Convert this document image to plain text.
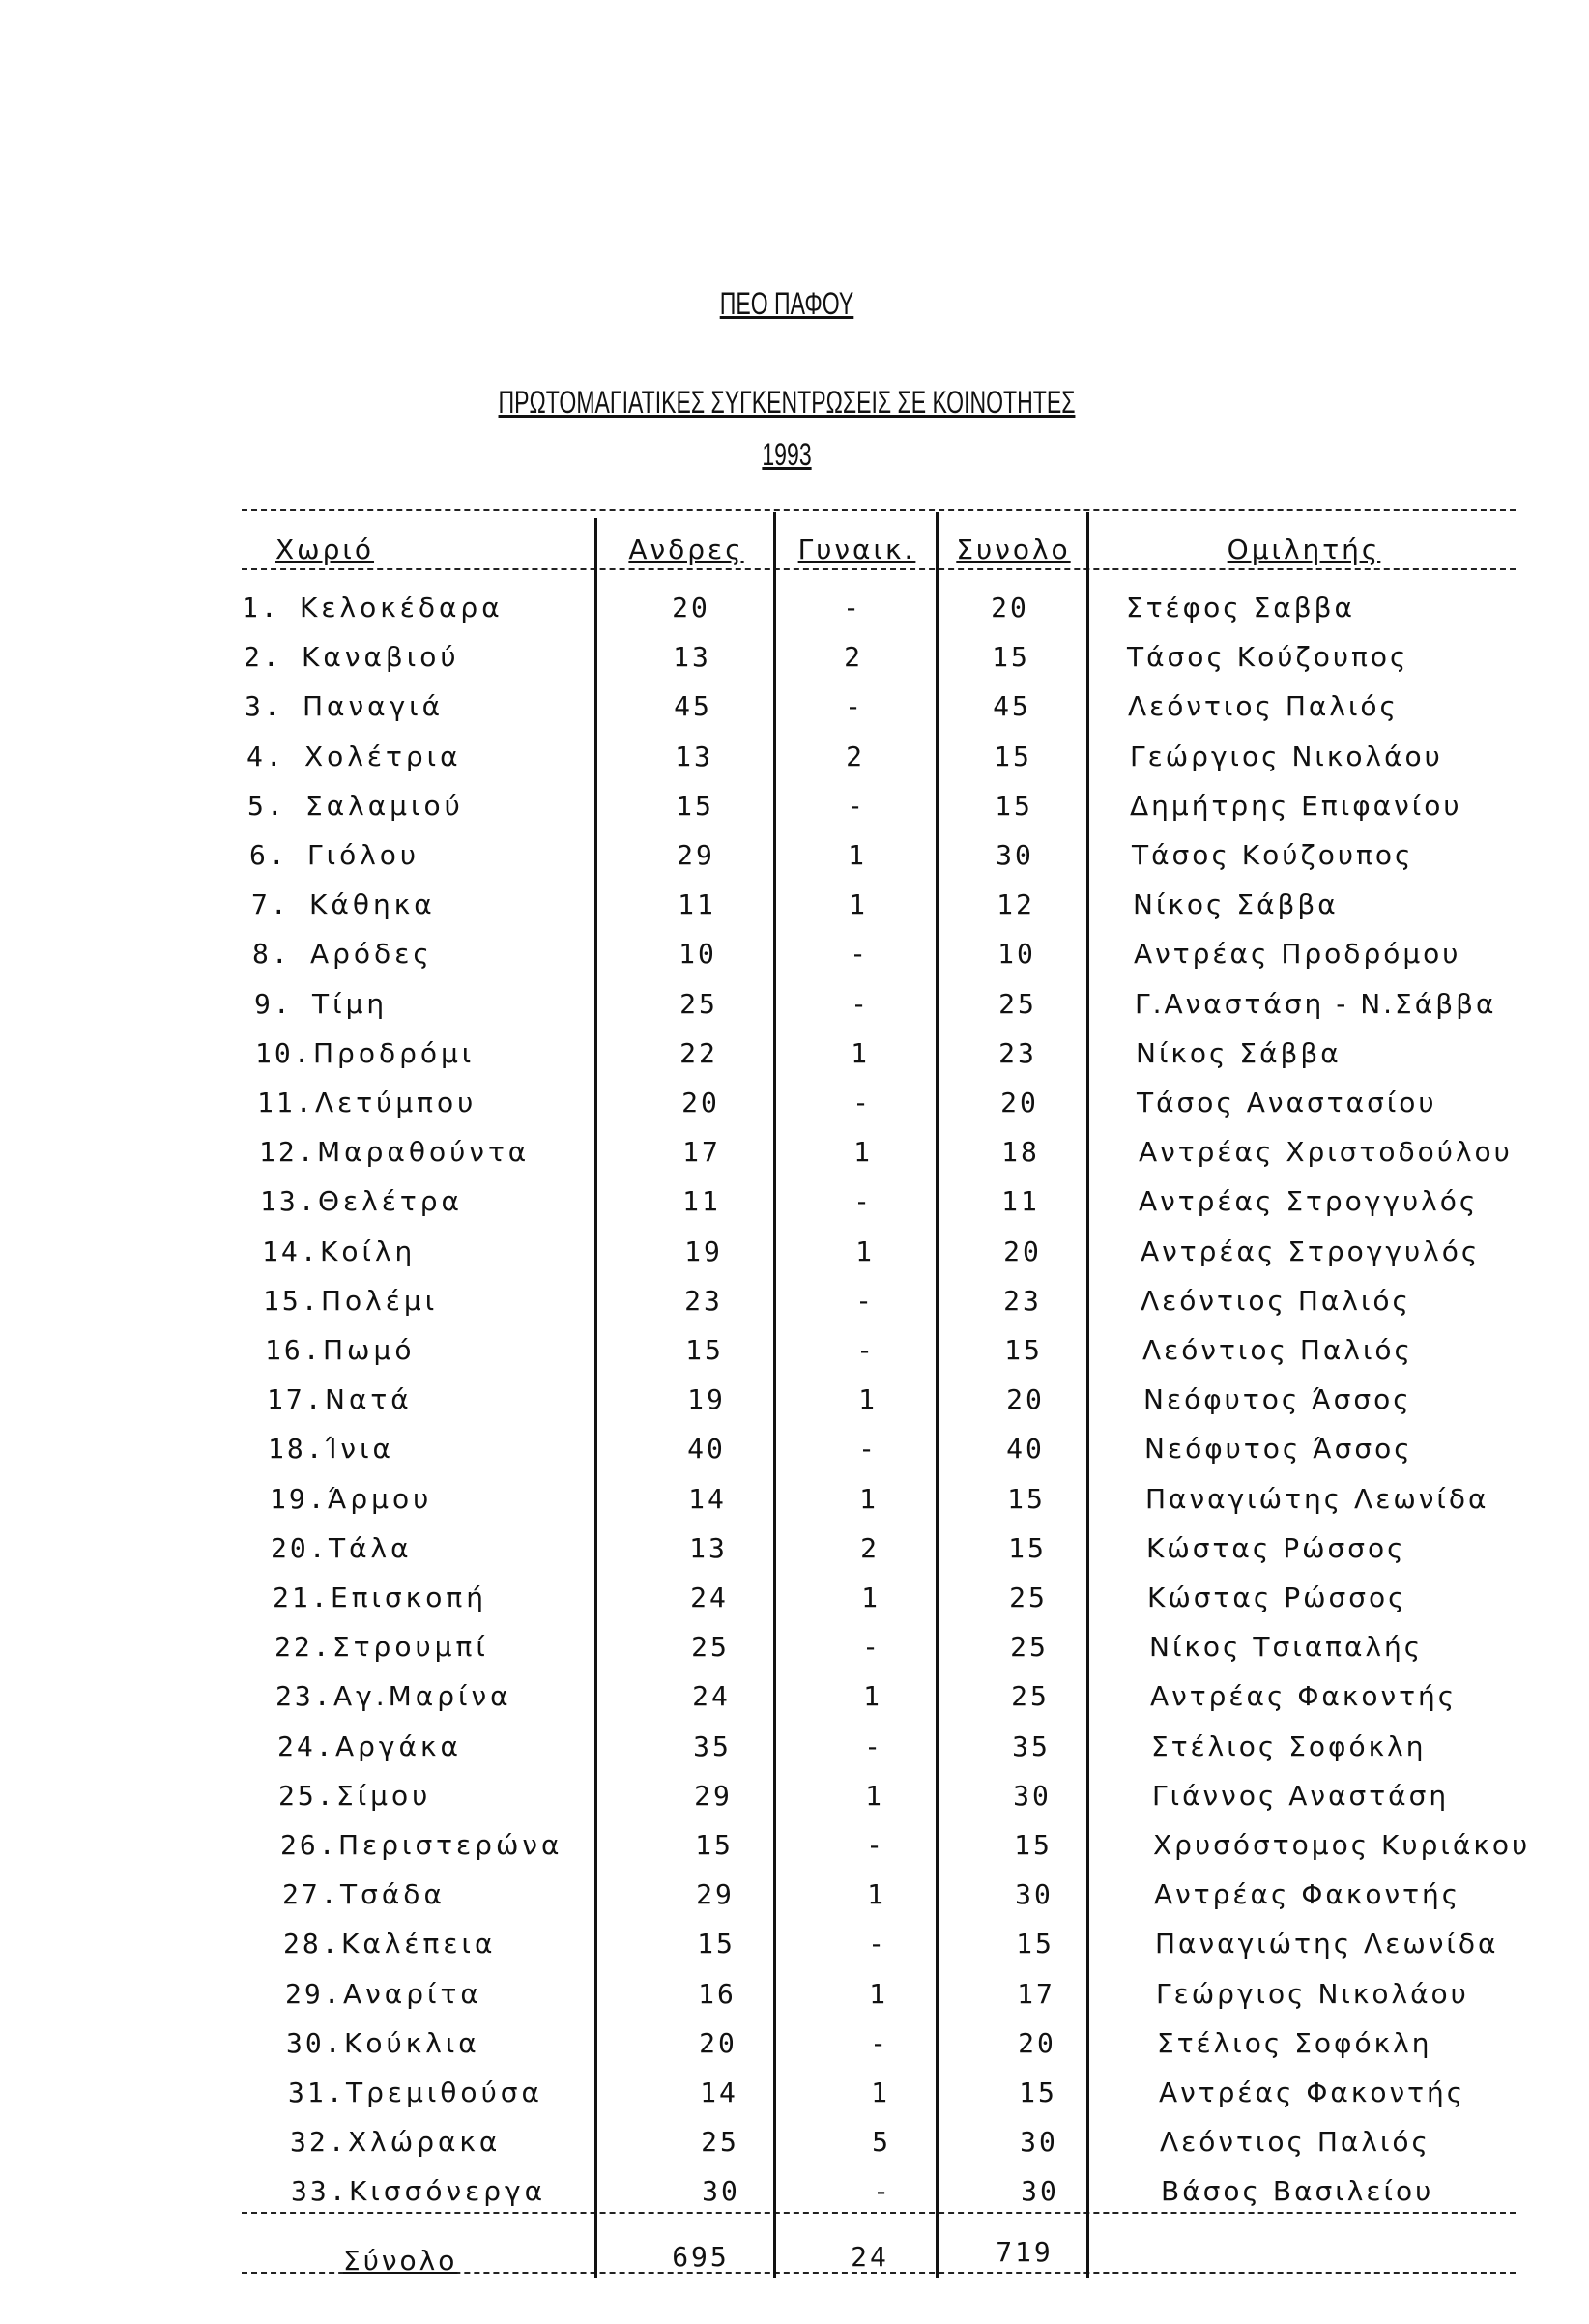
ΠΕΟ ΠΑΦΟΥ
ΠΡΩΤΟΜΑΓΙΑΤΙΚΕΣ ΣΥΓΚΕΝΤΡΩΣΕΙΣ ΣΕ ΚΟΙΝΟΤΗΤΕΣ
1993
Χωριό	Ανδρες	Γυναικ.	Συνολο	Ομιλητής
1. Κελοκέδαρα	20	-	20	Στέφος Σαββα
2. Καναβιού	13	2	15	Τάσος Κούζουπος
3. Παναγιά	45	-	45	Λεόντιος Παλιός
4. Χολέτρια	13	2	15	Γεώργιος Νικολάου
5. Σαλαμιού	15	-	15	Δημήτρης Επιφανίου
6. Γιόλου	29	1	30	Τάσος Κούζουπος
7. Κάθηκα	11	1	12	Νίκος Σάββα
8. Αρόδες	10	-	10	Αντρέας Προδρόμου
9. Τίμη	25	-	25	Γ.Αναστάση - Ν.Σάββα
10. Προδρόμι	22	1	23	Νίκος Σάββα
11. Λετύμπου	20	-	20	Τάσος Αναστασίου
12. Μαραθούντα	17	1	18	Αντρέας Χριστοδούλου
13. Θελέτρα	11	-	11	Αντρέας Στρογγυλός
14. Κοίλη	19	1	20	Αντρέας Στρογγυλός
15. Πολέμι	23	-	23	Λεόντιος Παλιός
16. Πωμό	15	-	15	Λεόντιος Παλιός
17. Νατά	19	1	20	Νεόφυτος Άσσος
18. Ίνια	40	-	40	Νεόφυτος Άσσος
19. Άρμου	14	1	15	Παναγιώτης Λεωνίδα
20. Τάλα	13	2	15	Κώστας Ρώσσος
21. Επισκοπή	24	1	25	Κώστας Ρώσσος
22. Στρουμπί	25	-	25	Νίκος Τσιαπαλής
23. Αγ.Μαρίνα	24	1	25	Αντρέας Φακοντής
24. Αργάκα	35	-	35	Στέλιος Σοφόκλη
25. Σίμου	29	1	30	Γιάννος Αναστάση
26. Περιστερώνα	15	-	15	Χρυσόστομος Κυριάκου
27. Τσάδα	29	1	30	Αντρέας Φακοντής
28. Καλέπεια	15	-	15	Παναγιώτης Λεωνίδα
29. Αναρίτα	16	1	17	Γεώργιος Νικολάου
30. Κούκλια	20	-	20	Στέλιος Σοφόκλη
31. Τρεμιθούσα	14	1	15	Αντρέας Φακοντής
32. Χλώρακα	25	5	30	Λεόντιος Παλιός
33. Κισσόνεργα	30	-	30	Βάσος Βασιλείου
Σύνολο	695	24	719
